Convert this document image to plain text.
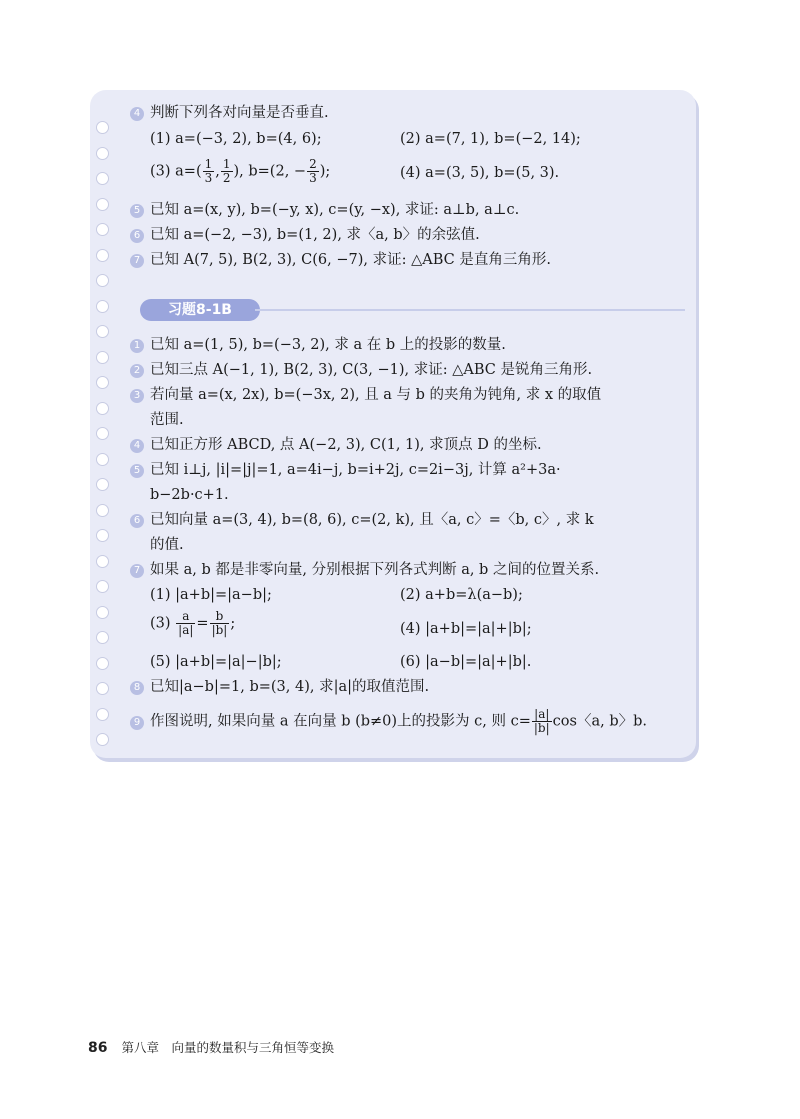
4 判断下列各对向量是否垂直.
(1) a=(−3, 2), b=(4, 6);	(2) a=(7, 1), b=(−2, 14);
(3) $a=( \frac{1}{3}$ , $\frac{1}{2}$ ), b=(2, − $\frac{2}{3}$ );	(4) a=(3, 5), b=(5, 3).
5 已知 a=(x, y), b=(−y, x), c=(y, −x), 求证: a⊥b, a⊥c.
6 已知 a=(−2, −3), b=(1, 2), 求〈a, b〉的余弦值.
7 已知 A(7, 5), B(2, 3), C(6, −7), 求证: △ABC 是直角三角形.
习题8-1B
1 已知 a=(1, 5), b=(−3, 2), 求 a 在 b 上的投影的数量.
2 已知三点 A(−1, 1), B(2, 3), C(3, −1), 求证: △ABC 是锐角三角形.
3 若向量 a=(x, 2x), b=(−3x, 2), 且 a 与 b 的夹角为钝角, 求 x 的取值
范围.
4 已知正方形 ABCD, 点 A(−2, 3), C(1, 1), 求顶点 D 的坐标.
5 已知 i⊥j, |i|=|j|=1, a=4i−j, b=i+2j, c=2i−3j, 计算 a²+3a·
b−2b·c+1.
6 已知向量 a=(3, 4), b=(8, 6), c=(2, k), 且〈a, c〉=〈b, c〉, 求 k
的值.
7 如果 a, b 都是非零向量, 分别根据下列各式判断 a, b 之间的位置关系.
(1) |a+b|=|a−b|;	(2) a+b=λ(a−b);
$(3) \frac{a}{|a|} = \frac{b}{|b|}$ ;	(4) |a+b|=|a|+|b|;
(5) |a+b|=|a|−|b|;	(6) |a−b|=|a|+|b|.
8 已知|a−b|=1, b=(3, 4), 求|a|的取值范围.
9 作图说明, 如果向量 a 在向量 b (b≠0)上的投影为 c, 则 $c= \frac{|a|}{|b|}$ cos〈a, b〉b.
86 第八章　向量的数量积与三角恒等变换
